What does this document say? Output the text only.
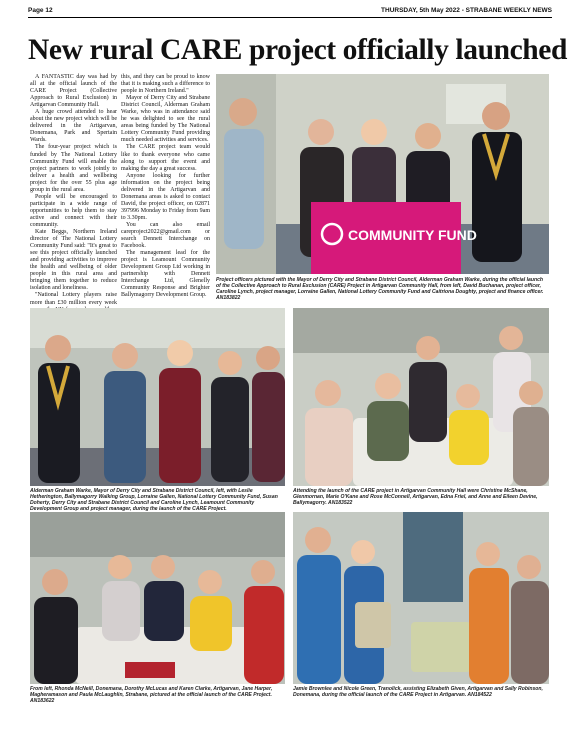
Page 12	THURSDAY, 5th May 2022 - STRABANE WEEKLY NEWS
New rural CARE project officially launched

A FANTASTIC day was had by all at the official launch of the CARE Project (Collective Approach to Rural Exclusion) in Artigarvan Community Hall.

A huge crowd attended to hear about the new project which will be delivered in the Artigarvan, Donemana, Park and Spertain Wards.

The four-year project which is funded by The National Lottery Community Fund will enable the project partners to work jointly to deliver a health and wellbeing project for the over 55 plus age group in the rural area.

People will be encouraged to participate in a wide range of opportunities to help them to stay active and connect with their community.

Kate Beggs, Northern Ireland director of The National Lottery Community Fund said: "It's great to see this project officially launched and providing activities to improve the health and wellbeing of older people in this rural area and bringing them together to reduce isolation and loneliness.

"National Lottery players raise more than £30 million every week

this, and they can be proud to know that it is making such a difference to people in Northern Ireland."

Mayor of Derry City and Strabane District Council, Alderman Graham Warke, who was in attendance said he was delighted to see the rural areas being funded by The National Lottery Community Fund providing much needed activities and services.

The CARE project team would like to thank everyone who came along to support the event and making the day a great success.

Anyone looking for further information on the project being delivered in the Artigarvan and Donemana areas is asked to contact David, the project officer, on 02871 397996 Monday to Friday from 9am to 3.30pm.

You can also email careproject2022@gmail.com or search Dennett Interchange on Facebook.

The management lead for the project is Leamount Community Development Group Ltd working in partnership with Dennett Interchange Ltd, Glenelly Community Response and Brighter Ballymagorry Development Group.

COMMUNITY FUND
Project officers pictured with the Mayor of Derry City and Strabane District Council, Alderman Graham Warke, during the official launch of the Collective Approach to Rural Exclusion (CARE) Project in Artigarvan Community Hall, from left, David Buchanan, project officer, Caroline Lynch, project manager, Lorraine Gallen, National Lottery Community Fund and Caitriona Doughty, project and finance officer. AN183822
Alderman Graham Warke, Mayor of Derry City and Strabane District Council, left, with Leslie Hetherington, Ballymagorry Walking Group, Lorraine Gallen, National Lottery Community Fund, Susan Doherty, Derry City and Strabane District Council and Caroline Lynch, Leamount Community Development Group and project manager, during the launch of the CARE Project.
Attending the launch of the CARE project in Artigarvan Community Hall were Christine McShane, Glenmornan, Marie O'Kane and Rose McConnell, Artigarvan, Edna Friel, and Anne and Eileen Devine, Ballymagorry. AN183522
From left, Rhonda McNeill, Donemana, Dorothy McLucas and Karen Clarke, Artigarvan, Jane Harper, Magheramason and Paula McLaughlin, Strabane, pictured at the official launch of the CARE Project. AN183622
Jamie Brownlee and Nicole Green, Tranolick, assisting Elizabeth Given, Artigarvan and Sally Robinson, Donemana, during the official launch of the CARE Project in Artigarvan. AN184522
